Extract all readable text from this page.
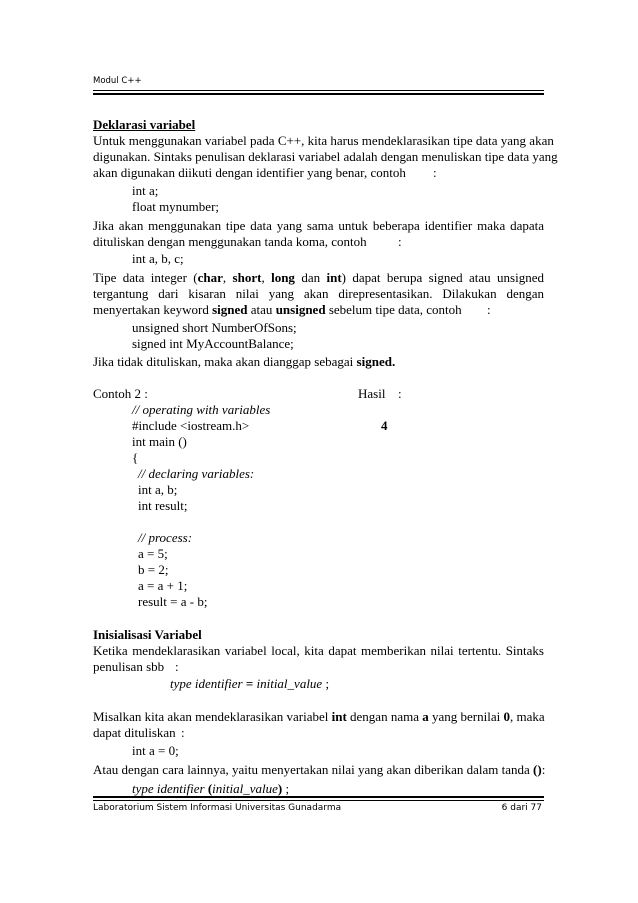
Modul C++
Deklarasi variabel
Untuk menggunakan variabel pada C++, kita harus mendeklarasikan tipe data yang akan
digunakan. Sintaks penulisan deklarasi variabel adalah dengan menuliskan tipe data yang
akan digunakan diikuti dengan identifier yang benar, contoh :
int a;
float mynumber;
Jika akan menggunakan tipe data yang sama untuk beberapa identifier maka dapata
dituliskan dengan menggunakan tanda koma, contoh :
int a, b, c;
Tipe data integer (char, short, long dan int) dapat berupa signed atau unsigned
tergantung dari kisaran nilai yang akan direpresentasikan. Dilakukan dengan
menyertakan keyword signed atau unsigned sebelum tipe data, contoh :
unsigned short NumberOfSons;
signed int MyAccountBalance;
Jika tidak dituliskan, maka akan dianggap sebagai signed.
Contoh 2 :	Hasil :
// operating with variables
#include <iostream.h>	4
int main ()
{
// declaring variables:
int a, b;
int result;
// process:
a = 5;
b = 2;
a = a + 1;
result = a - b;
Inisialisasi Variabel
Ketika mendeklarasikan variabel local, kita dapat memberikan nilai tertentu. Sintaks
penulisan sbb :
type identifier = initial_value ;
Misalkan kita akan mendeklarasikan variabel int dengan nama a yang bernilai 0, maka
dapat dituliskan :
int a = 0;
Atau dengan cara lainnya, yaitu menyertakan nilai yang akan diberikan dalam tanda ():
type identifier (initial_value) ;
Laboratorium Sistem Informasi Universitas Gunadarma	6 dari 77
